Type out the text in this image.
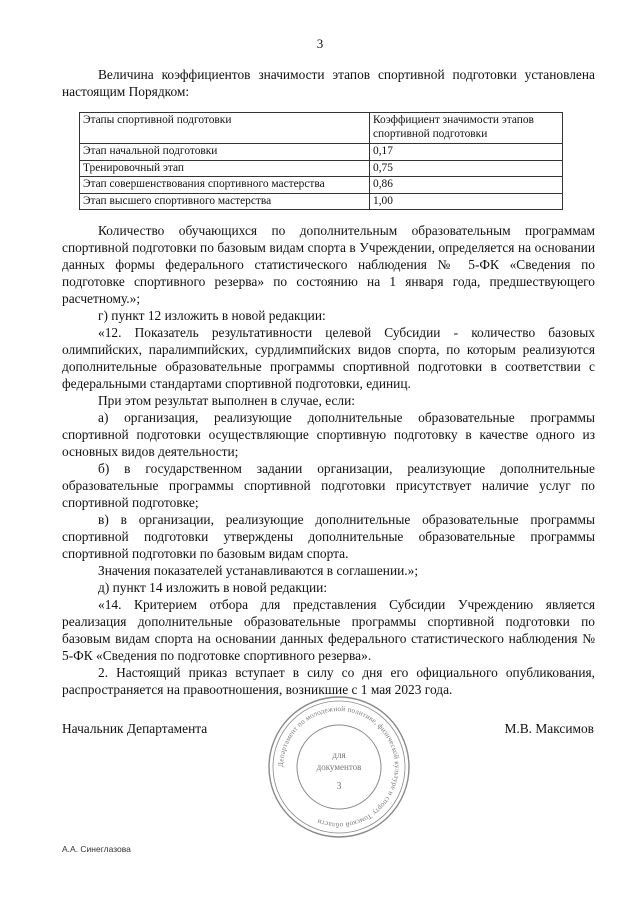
3

Величина коэффициентов значимости этапов спортивной подготовки установлена настоящим Порядком:

Этапы спортивной подготовки	Коэффициент значимости этапов спортивной подготовки
Этап начальной подготовки	0,17
Тренировочный этап	0,75
Этап совершенствования спортивного мастерства	0,86
Этап высшего спортивного мастерства	1,00

Количество обучающихся по дополнительным образовательным программам спортивной подготовки по базовым видам спорта в Учреждении, определяется на основании данных формы федерального статистического наблюдения № 5-ФК «Сведения по подготовке спортивного резерва» по состоянию на 1 января года, предшествующего расчетному.»;

г) пункт 12 изложить в новой редакции:

«12. Показатель результативности целевой Субсидии - количество базовых олимпийских, паралимпийских, сурдлимпийских видов спорта, по которым реализуются дополнительные образовательные программы спортивной подготовки в соответствии с федеральными стандартами спортивной подготовки, единиц.

При этом результат выполнен в случае, если:

а) организация, реализующие дополнительные образовательные программы спортивной подготовки осуществляющие спортивную подготовку в качестве одного из основных видов деятельности;

б) в государственном задании организации, реализующие дополнительные образовательные программы спортивной подготовки присутствует наличие услуг по спортивной подготовке;

в) в организации, реализующие дополнительные образовательные программы спортивной подготовки утверждены дополнительные образовательные программы спортивной подготовки по базовым видам спорта.

Значения показателей устанавливаются в соглашении.»;

д) пункт 14 изложить в новой редакции:

«14. Критерием отбора для представления Субсидии Учреждению является реализация дополнительные образовательные программы спортивной подготовки по базовым видам спорта на основании данных федерального статистического наблюдения № 5-ФК «Сведения по подготовке спортивного резерва».

2. Настоящий приказ вступает в силу со дня его официального опубликования, распространяется на правоотношения, возникшие с 1 мая 2023 года.

Начальник Департамента	М.В. Максимов
Департамент по молодежной политике, физической культуре и спорту Томской области
для
документов
3
А.А. Синеглазова
